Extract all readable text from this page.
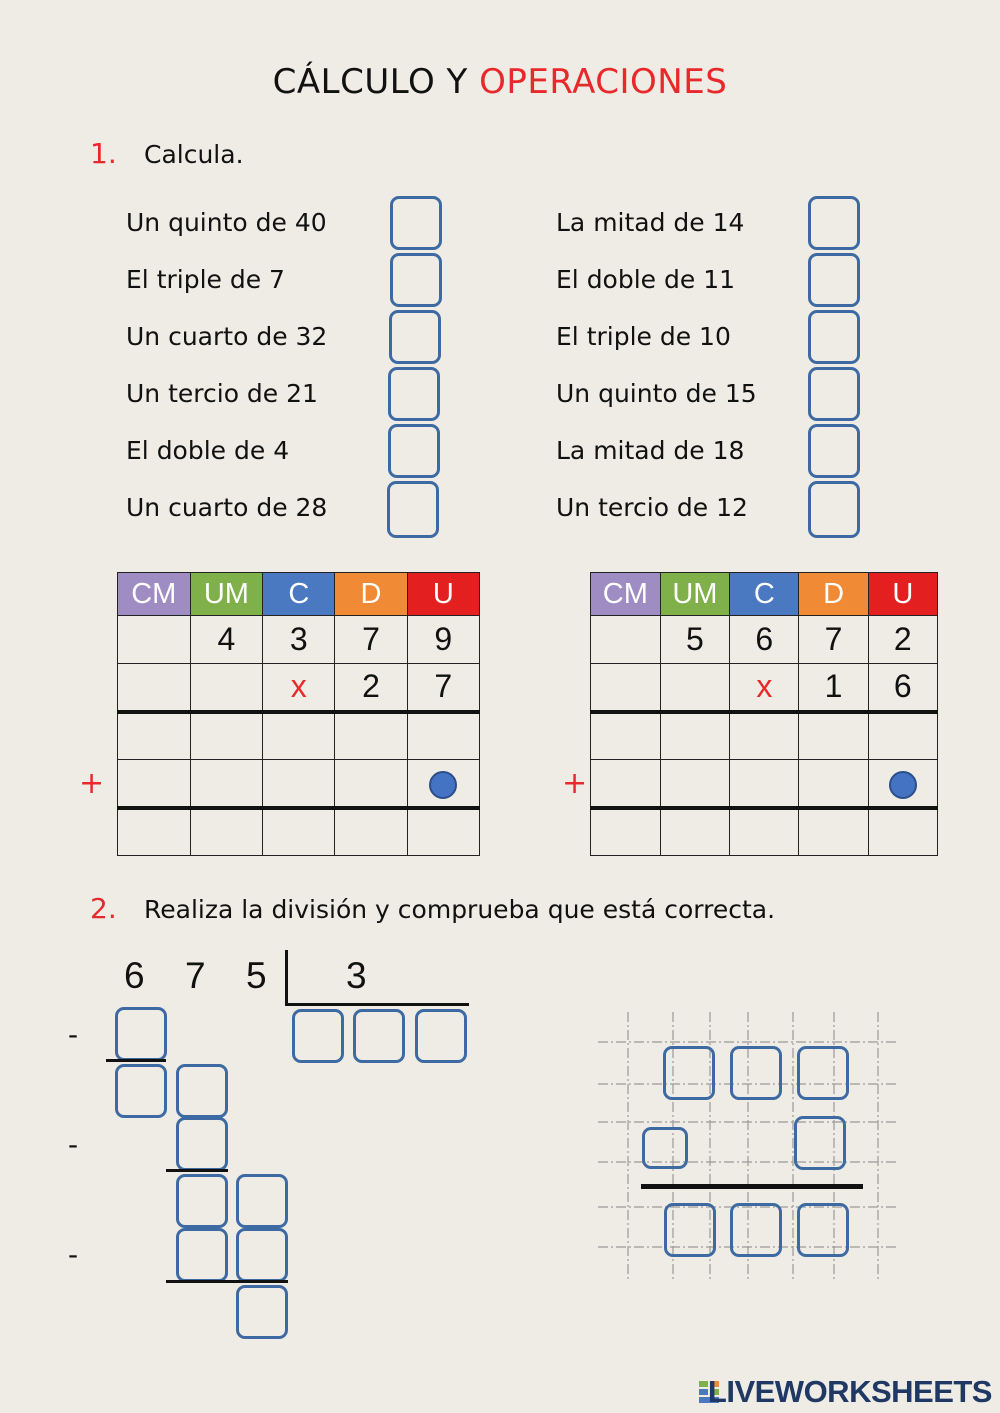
CÁLCULO Y OPERACIONES
1. Calcula.
Un quinto de 40
El triple de 7
Un cuarto de 32
Un tercio de 21
El doble de 4
Un cuarto de 28
La mitad de 14
El doble de 11
El triple de 10
Un quinto de 15
La mitad de 18
Un tercio de 12
CM	UM	C	D	U
	4	3	7	9
		x	2	7

+
CM	UM	C	D	U
	5	6	7	2
		x	1	6

+
2. Realiza la división y comprueba que está correcta.
6 7 5 3
-
-
-
LIVEWORKSHEETS
